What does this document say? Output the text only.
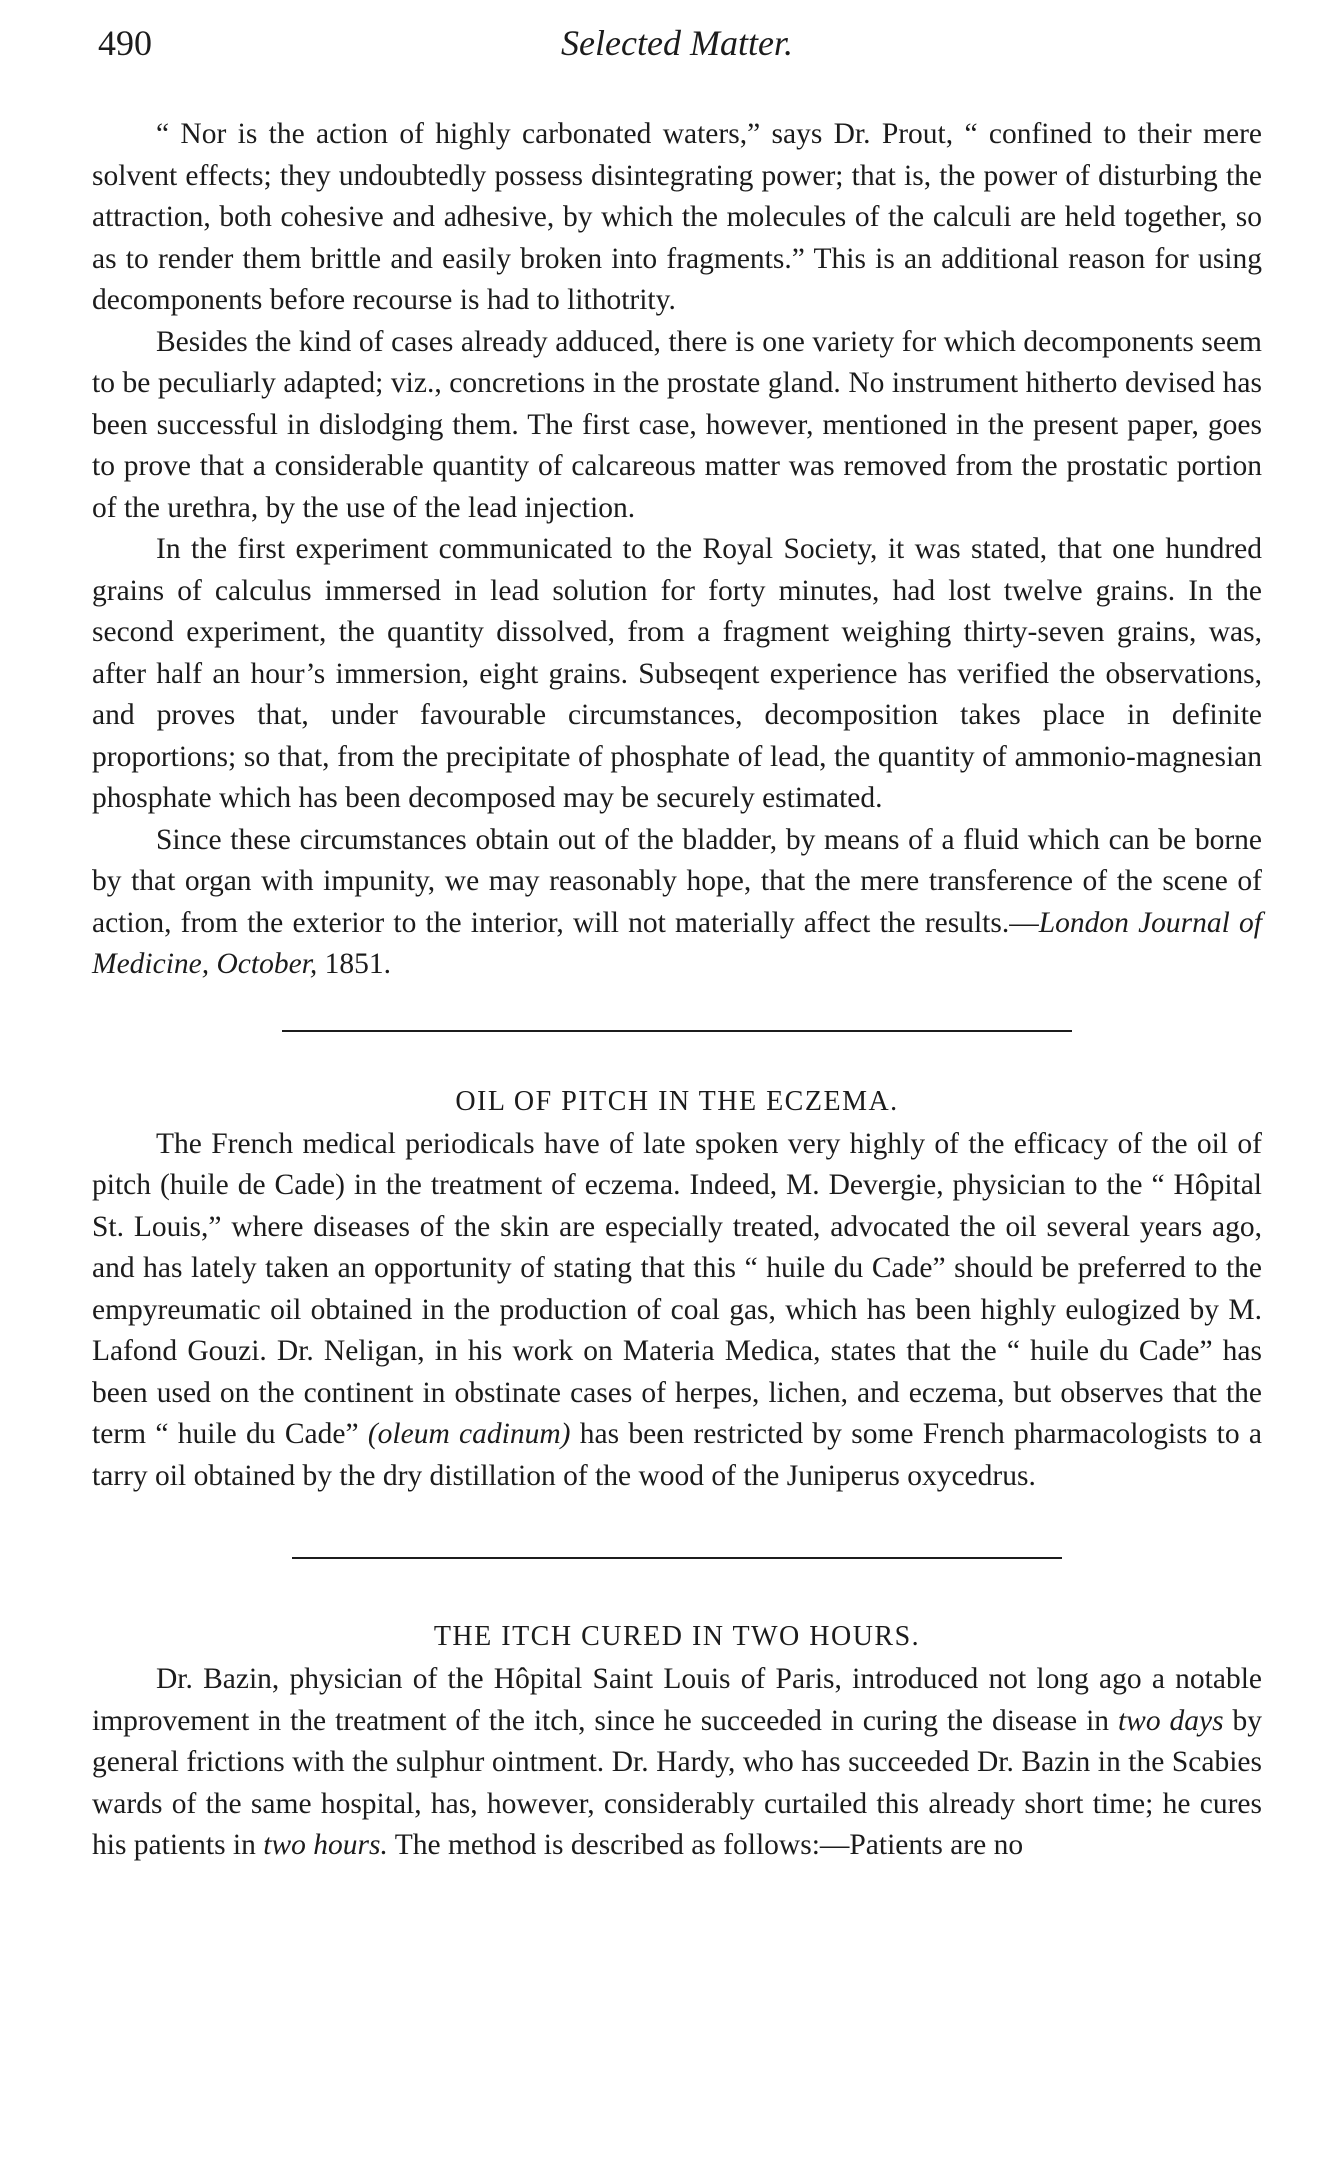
490	Selected Matter.

“ Nor is the action of highly carbonated waters,” says Dr. Prout, “ confined to their mere solvent effects; they undoubtedly possess disintegrating power; that is, the power of disturbing the attraction, both cohesive and adhesive, by which the molecules of the calculi are held together, so as to render them brittle and easily broken into fragments.” This is an additional reason for using decomponents before recourse is had to lithotrity.

Besides the kind of cases already adduced, there is one variety for which decomponents seem to be peculiarly adapted; viz., concretions in the prostate gland. No instrument hitherto devised has been successful in dislodging them. The first case, however, mentioned in the present paper, goes to prove that a considerable quantity of calcareous matter was removed from the prostatic portion of the urethra, by the use of the lead injection.

In the first experiment communicated to the Royal Society, it was stated, that one hundred grains of calculus immersed in lead solution for forty minutes, had lost twelve grains. In the second experiment, the quantity dissolved, from a fragment weighing thirty-seven grains, was, after half an hour’s immersion, eight grains. Subseqent experience has verified the observations, and proves that, under favourable circumstances, decomposition takes place in definite proportions; so that, from the precipitate of phosphate of lead, the quantity of ammonio-magnesian phosphate which has been decomposed may be securely estimated.

Since these circumstances obtain out of the bladder, by means of a fluid which can be borne by that organ with impunity, we may reasonably hope, that the mere transference of the scene of action, from the exterior to the interior, will not materially affect the results.—London Journal of Medicine, October, 1851.

OIL OF PITCH IN THE ECZEMA.

The French medical periodicals have of late spoken very highly of the efficacy of the oil of pitch (huile de Cade) in the treatment of eczema. Indeed, M. Devergie, physician to the “ Hôpital St. Louis,” where diseases of the skin are especially treated, advocated the oil several years ago, and has lately taken an opportunity of stating that this “ huile du Cade” should be preferred to the empyreumatic oil obtained in the production of coal gas, which has been highly eulogized by M. Lafond Gouzi. Dr. Neligan, in his work on Materia Medica, states that the “ huile du Cade” has been used on the continent in obstinate cases of herpes, lichen, and eczema, but observes that the term “ huile du Cade” (oleum cadinum) has been restricted by some French pharmacologists to a tarry oil obtained by the dry distillation of the wood of the Juniperus oxycedrus.

THE ITCH CURED IN TWO HOURS.

Dr. Bazin, physician of the Hôpital Saint Louis of Paris, introduced not long ago a notable improvement in the treatment of the itch, since he succeeded in curing the disease in two days by general frictions with the sulphur ointment. Dr. Hardy, who has succeeded Dr. Bazin in the Scabies wards of the same hospital, has, however, considerably curtailed this already short time; he cures his patients in two hours. The method is described as follows:—Patients are no
